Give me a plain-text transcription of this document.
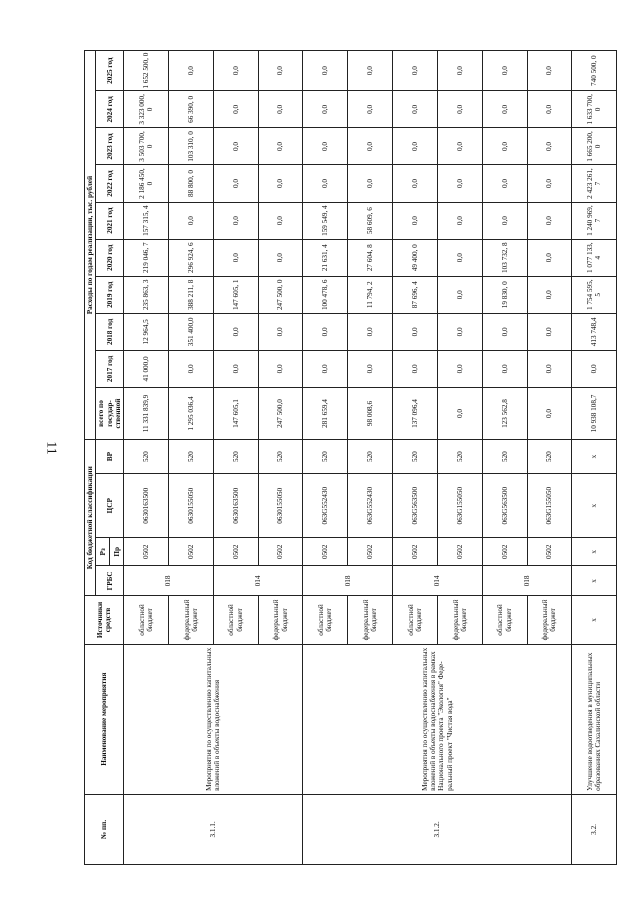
11
№ пп.	Наименование мероприятия	Источники средств	Код бюджетной классификации				Расходы по годам реализации, тыс. рублей									
			ГРБС	Рз	ЦСР	ВР	всего по государ-ственной	2017 год	2018 год	2019 год	2020 год	2021 год	2022 год	2023 год	2024 год	2025 год
				Пр												
3.1.1.	Мероприятия по осуществлению капитальных вложений в объекты водоснабжения	областной бюджет	018	0502	0630163500	520	11 331 839,9	41 000,0	12 964,5	235 863, 3	219 046, 7	157 315, 4	2 186 450, 0	3 503 700, 0	3 323 000, 0	1 652 500, 0
		федеральный бюджет		0502	0630155050	520	1 295 036,4	0,0	351 400,0	388 211, 8	296 924, 6	0,0	88 800, 0	103 310, 0	66 390, 0	0,0
		областной бюджет	014	0502	0630163500	520	147 605,1	0,0	0,0	147 605, 1	0,0	0,0	0,0	0,0	0,0	0,0
		федеральный бюджет		0502	0630155050	520	247 500,0	0,0	0,0	247 500, 0	0,0	0,0	0,0	0,0	0,0	0,0
3.1.2.	Мероприятия по осуществлению капитальных вложений в объекты водоснабжения в рамках Национального проекта "Экология" Феде- ральный проект "Чистая вода"	областной бюджет	018	0502	063G552430	520	281 659,4	0,0	0,0	100 478, 6	21 631, 4	159 549, 4	0,0	0,0	0,0	0,0
		федеральный бюджет		0502	063G552430	520	98 008,6	0,0	0,0	11 794, 2	27 604, 8	58 609, 6	0,0	0,0	0,0	0,0
		областной бюджет	014	0502	063G563500	520	137 096,4	0,0	0,0	87 696, 4	49 400, 0	0,0	0,0	0,0	0,0	0,0
		федеральный бюджет		0502	063G155050	520	0,0	0,0	0,0	0,0	0,0	0,0	0,0	0,0	0,0	0,0
		областной бюджет	018	0502	063G563500	520	123 562,8	0,0	0,0	19 830, 0	103 732, 8	0,0	0,0	0,0	0,0	0,0
		федеральный бюджет		0502	063G155050	520	0,0	0,0	0,0	0,0	0,0	0,0	0,0	0,0	0,0	0,0
3.2.	Улучшение водоотведения в муниципальных образованиях Сахалинской области	x	x	x	x	x	10 938 108,7	0,0	413 748,4	1 754 595, 5	1 077 133, 4	1 240 969, 7	2 423 261, 7	1 665 200, 0	1 633 700, 0	740 500, 0
